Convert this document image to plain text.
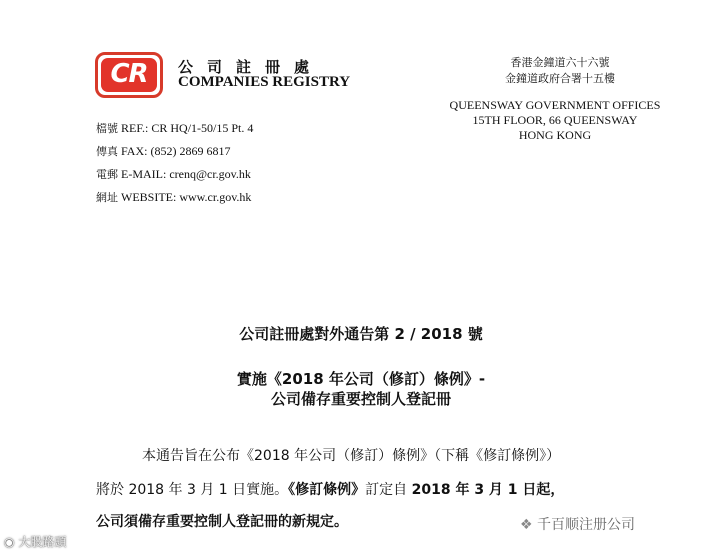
CR	公司註冊處
COMPANIES REGISTRY
香港金鐘道六十六號
金鐘道政府合署十五樓
QUEENSWAY GOVERNMENT OFFICES
15TH FLOOR, 66 QUEENSWAY
HONG KONG
檔號 REF.: CR HQ/1-50/15 Pt. 4
傳真 FAX: (852) 2869 6817
電郵 E-MAIL: crenq@cr.gov.hk
網址 WEBSITE: www.cr.gov.hk
公司註冊處對外通告第 2 / 2018 號
實施《2018 年公司（修訂）條例》-
公司備存重要控制人登記冊
本通告旨在公布《2018 年公司（修訂）條例》（下稱《修訂條例》）
將於 2018 年 3 月 1 日實施。《修訂條例》訂定自 2018 年 3 月 1 日起，
公司須備存重要控制人登記冊的新規定。
◉ 大股路頭
❖ 千百顺注册公司
